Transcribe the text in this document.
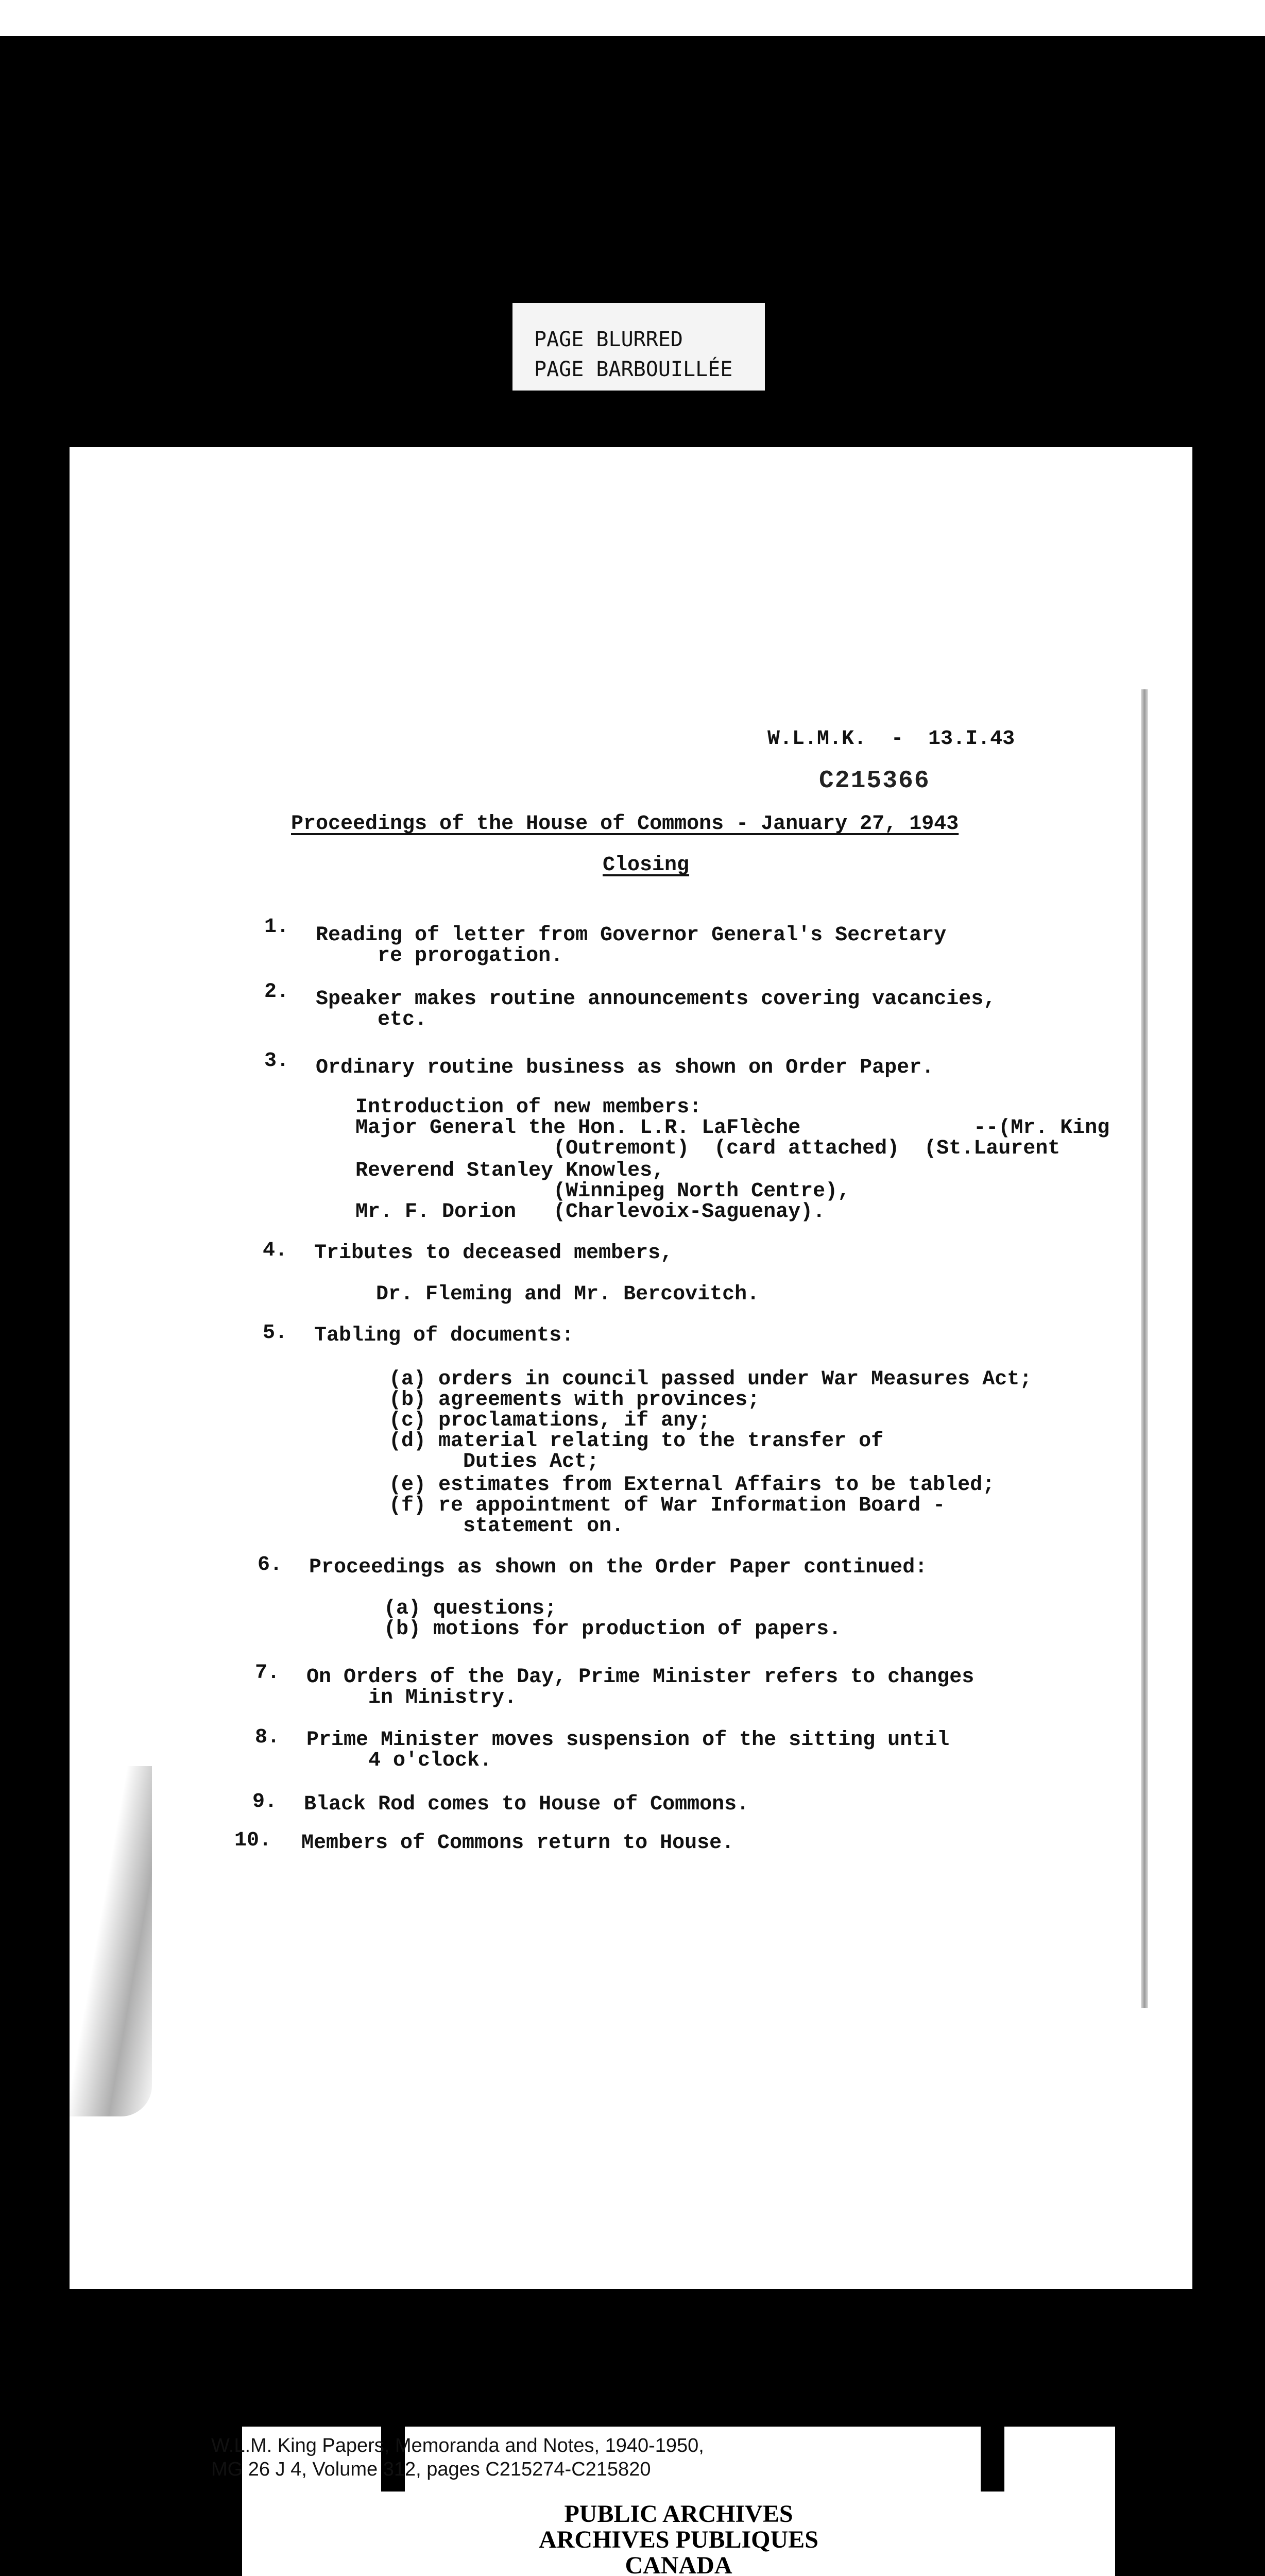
PAGE BLURRED
PAGE BARBOUILLÉE
W.L.M.K.  -  13.I.43
C215366
Proceedings of the House of Commons - January 27, 1943
Closing
1. Reading of letter from Governor General's Secretary
re prorogation.
2. Speaker makes routine announcements covering vacancies,
etc.
3. Ordinary routine business as shown on Order Paper.
Introduction of new members:
Major General the Hon. L.R. LaFlèche              --(Mr. King
(Outremont)  (card attached)  (St.Laurent
Reverend Stanley Knowles,
(Winnipeg North Centre),
Mr. F. Dorion   (Charlevoix-Saguenay).
4. Tributes to deceased members,
Dr. Fleming and Mr. Bercovitch.
5. Tabling of documents:
(a) orders in council passed under War Measures Act;
(b) agreements with provinces;
(c) proclamations, if any;
(d) material relating to the transfer of
Duties Act;
(e) estimates from External Affairs to be tabled;
(f) re appointment of War Information Board -
statement on.
6. Proceedings as shown on the Order Paper continued:
(a) questions;
(b) motions for production of papers.
7. On Orders of the Day, Prime Minister refers to changes
in Ministry.
8. Prime Minister moves suspension of the sitting until
4 o'clock.
9. Black Rod comes to House of Commons.
10. Members of Commons return to House.
W.L.M. King Papers, Memoranda and Notes, 1940-1950,
MG 26 J 4, Volume 312, pages C215274-C215820
PUBLIC ARCHIVES
ARCHIVES PUBLIQUES
CANADA
